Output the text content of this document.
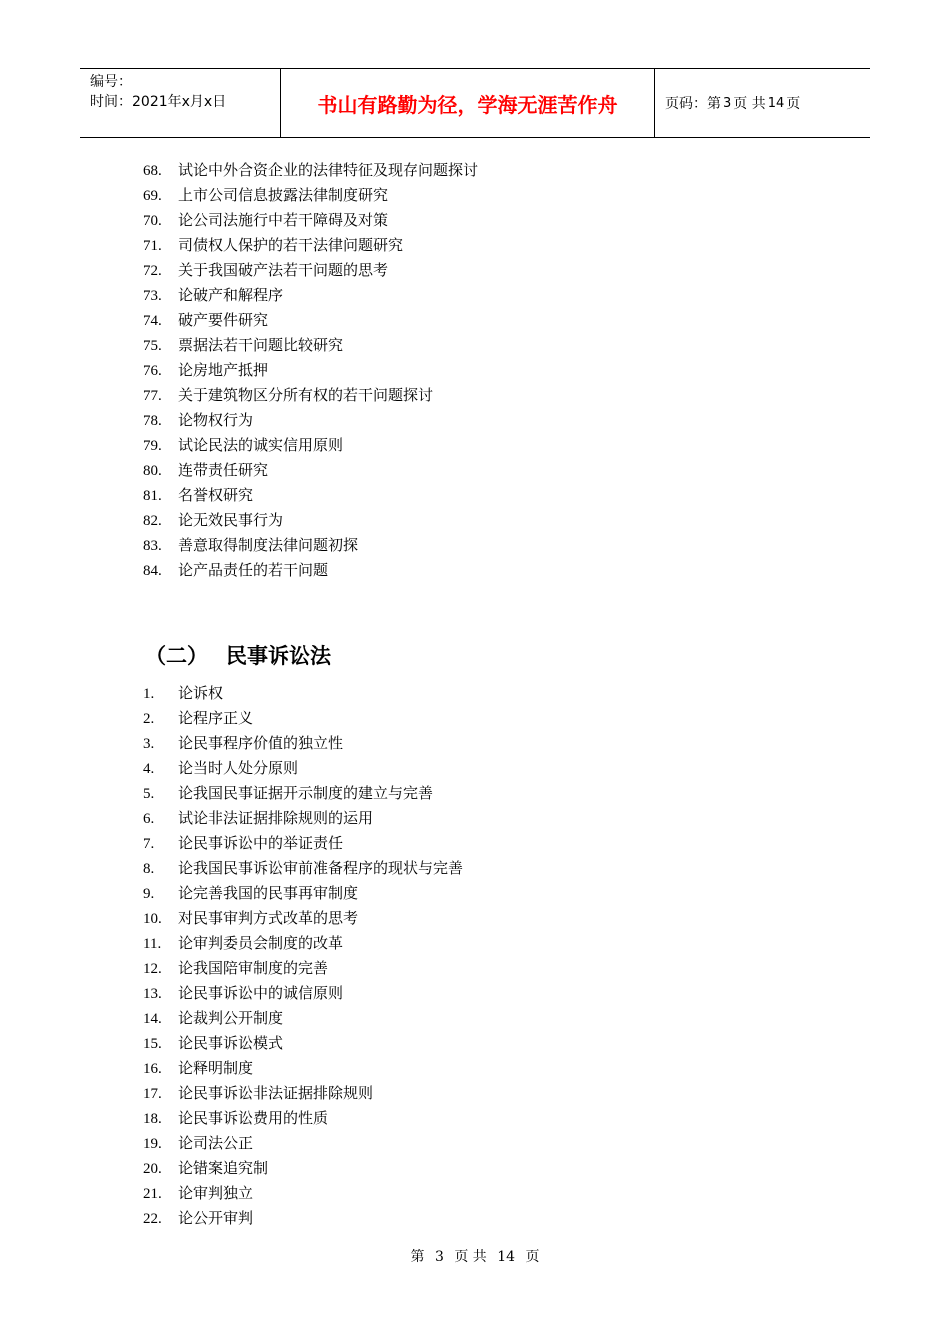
编号：
时间：2021年x月x日	书山有路勤为径，学海无涯苦作舟	页码：第 3 页 共 14 页
68. 试论中外合资企业的法律特征及现存问题探讨
69. 上市公司信息披露法律制度研究
70. 论公司法施行中若干障碍及对策
71. 司债权人保护的若干法律问题研究
72. 关于我国破产法若干问题的思考
73. 论破产和解程序
74. 破产要件研究
75. 票据法若干问题比较研究
76. 论房地产抵押
77. 关于建筑物区分所有权的若干问题探讨
78. 论物权行为
79. 试论民法的诚实信用原则
80. 连带责任研究
81. 名誉权研究
82. 论无效民事行为
83. 善意取得制度法律问题初探
84. 论产品责任的若干问题
（二） 民事诉讼法
1. 论诉权
2. 论程序正义
3. 论民事程序价值的独立性
4. 论当时人处分原则
5. 论我国民事证据开示制度的建立与完善
6. 试论非法证据排除规则的运用
7. 论民事诉讼中的举证责任
8. 论我国民事诉讼审前准备程序的现状与完善
9. 论完善我国的民事再审制度
10. 对民事审判方式改革的思考
11. 论审判委员会制度的改革
12. 论我国陪审制度的完善
13. 论民事诉讼中的诚信原则
14. 论裁判公开制度
15. 论民事诉讼模式
16. 论释明制度
17. 论民事诉讼非法证据排除规则
18. 论民事诉讼费用的性质
19. 论司法公正
20. 论错案追究制
21. 论审判独立
22. 论公开审判
第 3 页 共 14 页
